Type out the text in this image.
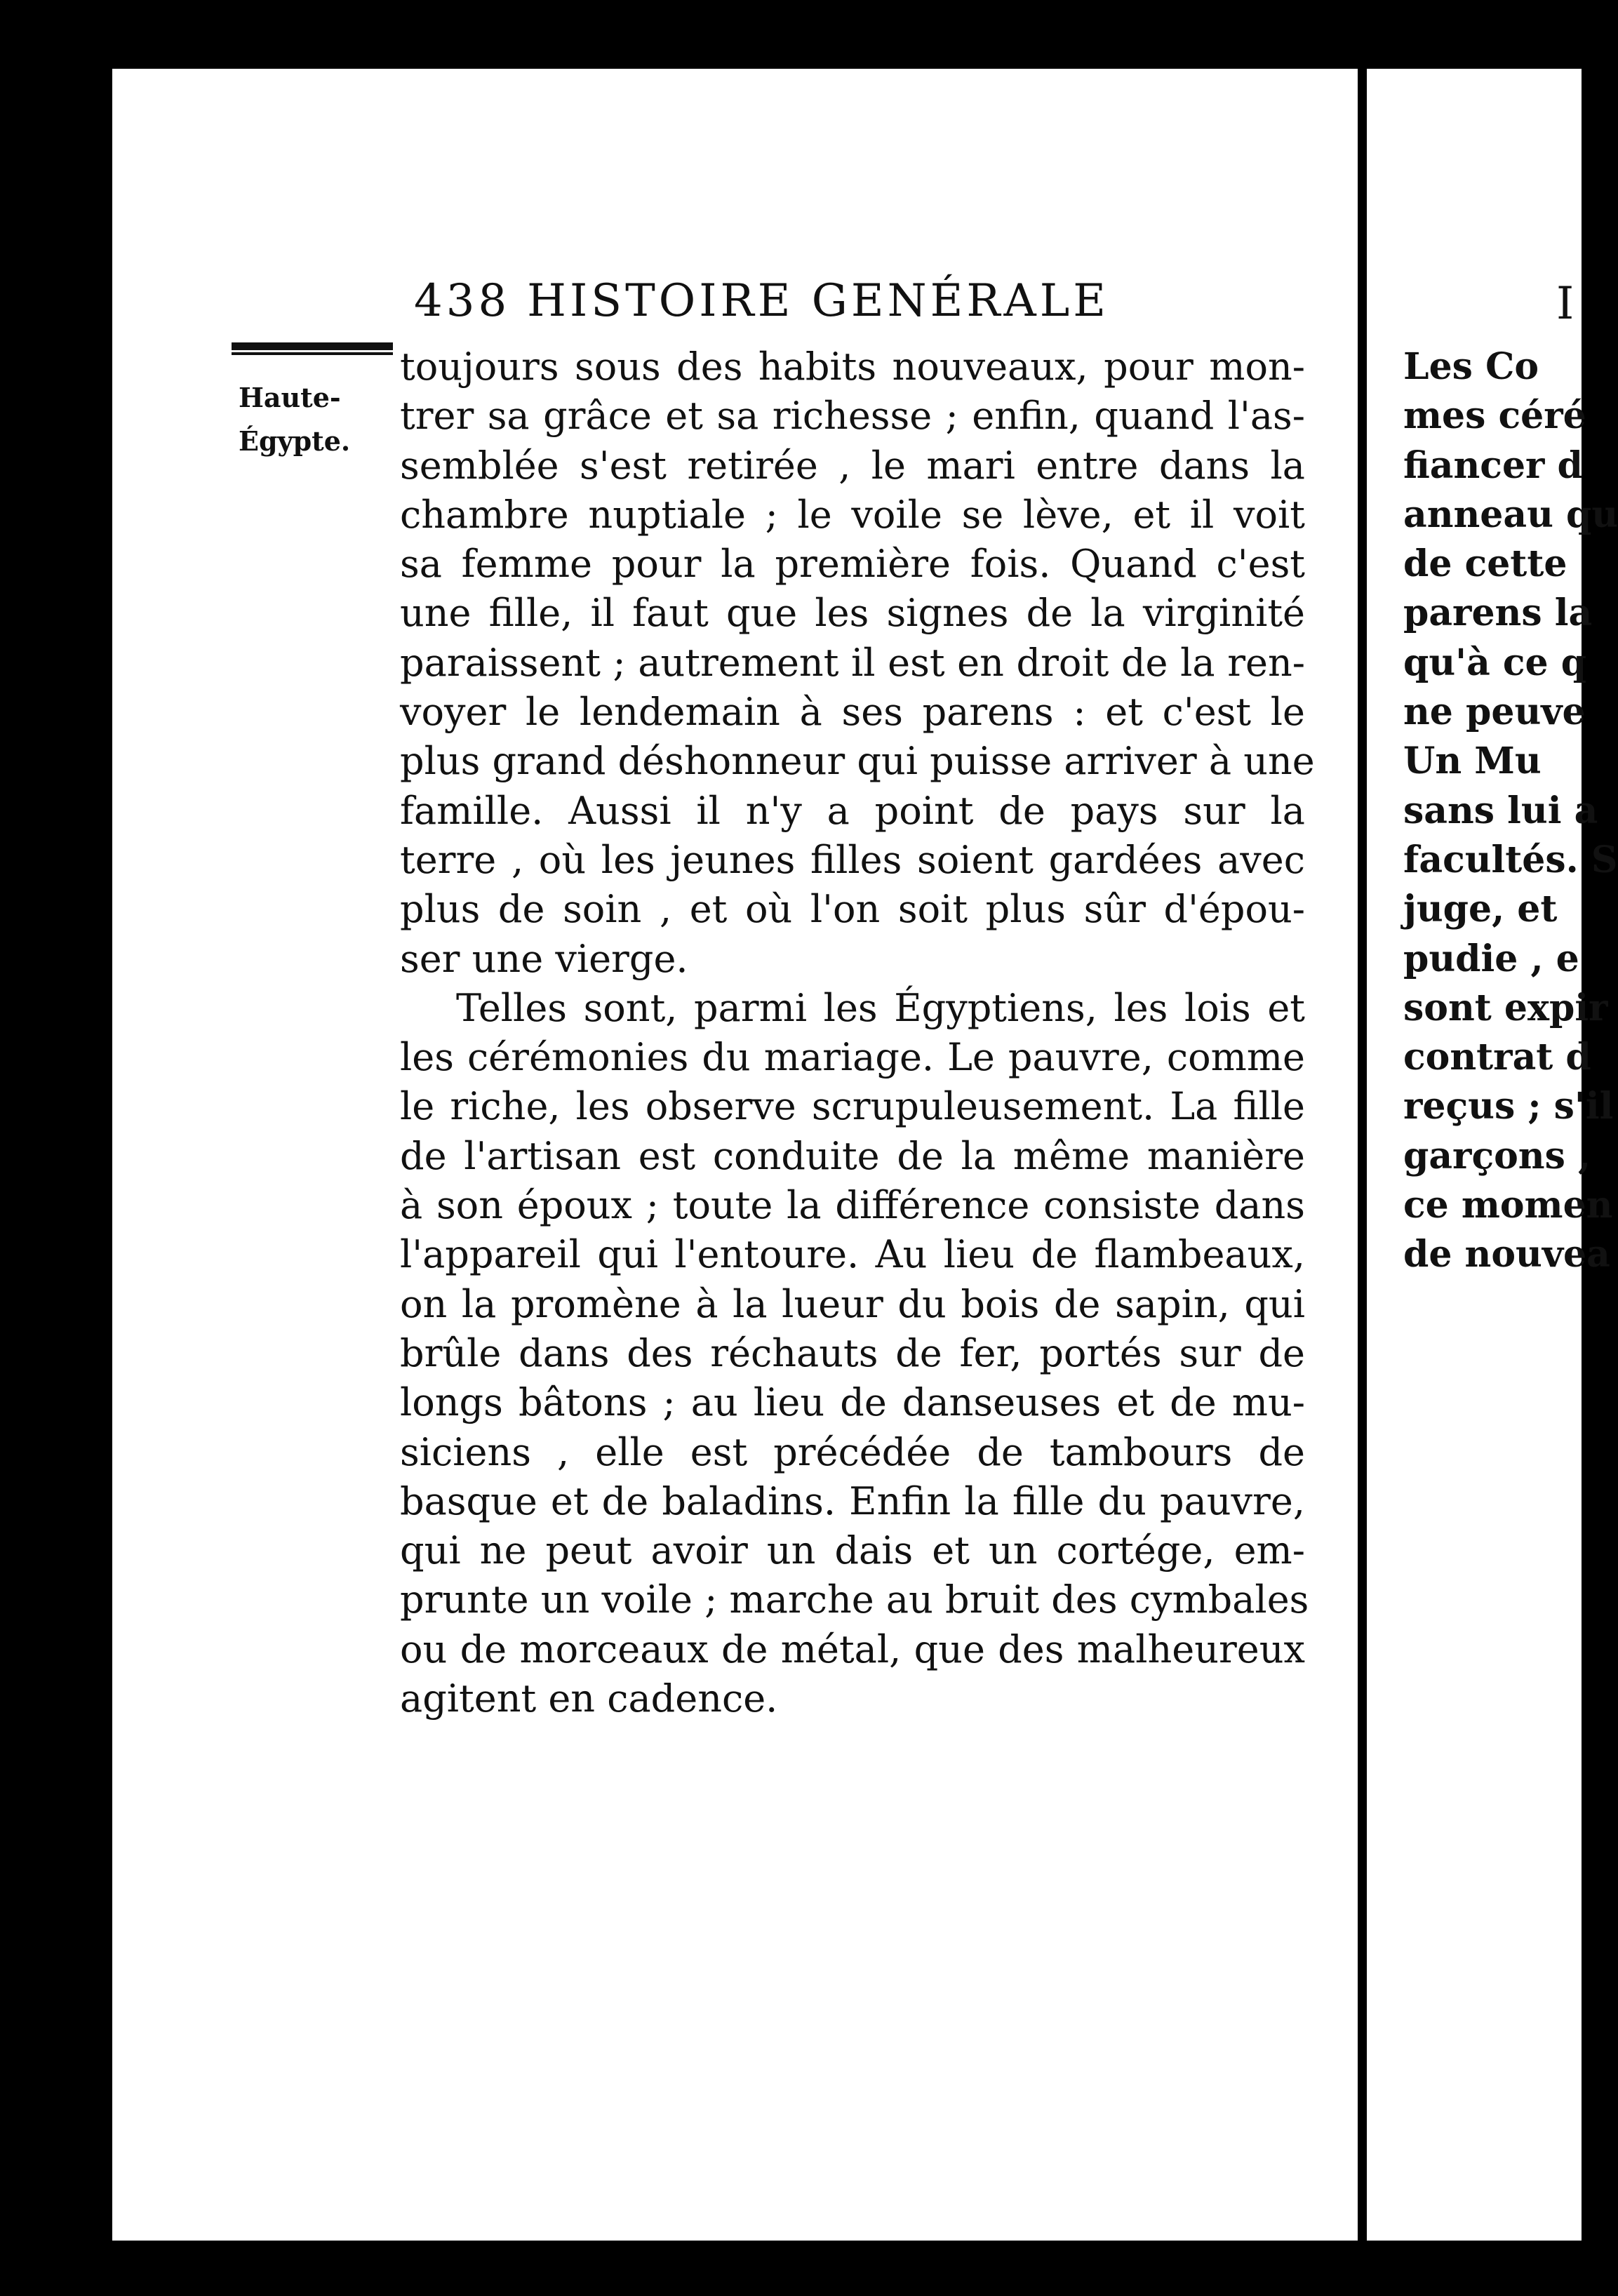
438 HISTOIRE GENÉRALE
Haute-
Égypte.
toujours sous des habits nouveaux, pour mon-
trer sa grâce et sa richesse ; enfin, quand l'as-
semblée s'est retirée , le mari entre dans la
chambre nuptiale ; le voile se lève, et il voit
sa femme pour la première fois. Quand c'est
une fille, il faut que les signes de la virginité
paraissent ; autrement il est en droit de la ren-
voyer le lendemain à ses parens : et c'est le
plus grand déshonneur qui puisse arriver à une
famille. Aussi il n'y a point de pays sur la
terre , où les jeunes filles soient gardées avec
plus de soin , et où l'on soit plus sûr d'épou-
ser une vierge.
Telles sont, parmi les Égyptiens, les lois et
les cérémonies du mariage. Le pauvre, comme
le riche, les observe scrupuleusement. La fille
de l'artisan est conduite de la même manière
à son époux ; toute la différence consiste dans
l'appareil qui l'entoure. Au lieu de flambeaux,
on la promène à la lueur du bois de sapin, qui
brûle dans des réchauts de fer, portés sur de
longs bâtons ; au lieu de danseuses et de mu-
siciens , elle est précédée de tambours de
basque et de baladins. Enfin la fille du pauvre,
qui ne peut avoir un dais et un cortége, em-
prunte un voile ; marche au bruit des cymbales
ou de morceaux de métal, que des malheureux
agitent en cadence.
I
Les Co
mes céré
fiancer d
anneau qu
de cette
parens la
qu'à ce q
ne peuve
Un Mu
sans lui a
facultés. S
juge, et
pudie , e
sont expir
contrat d
reçus ; s'il
garçons ,
ce momen
de nouvea
